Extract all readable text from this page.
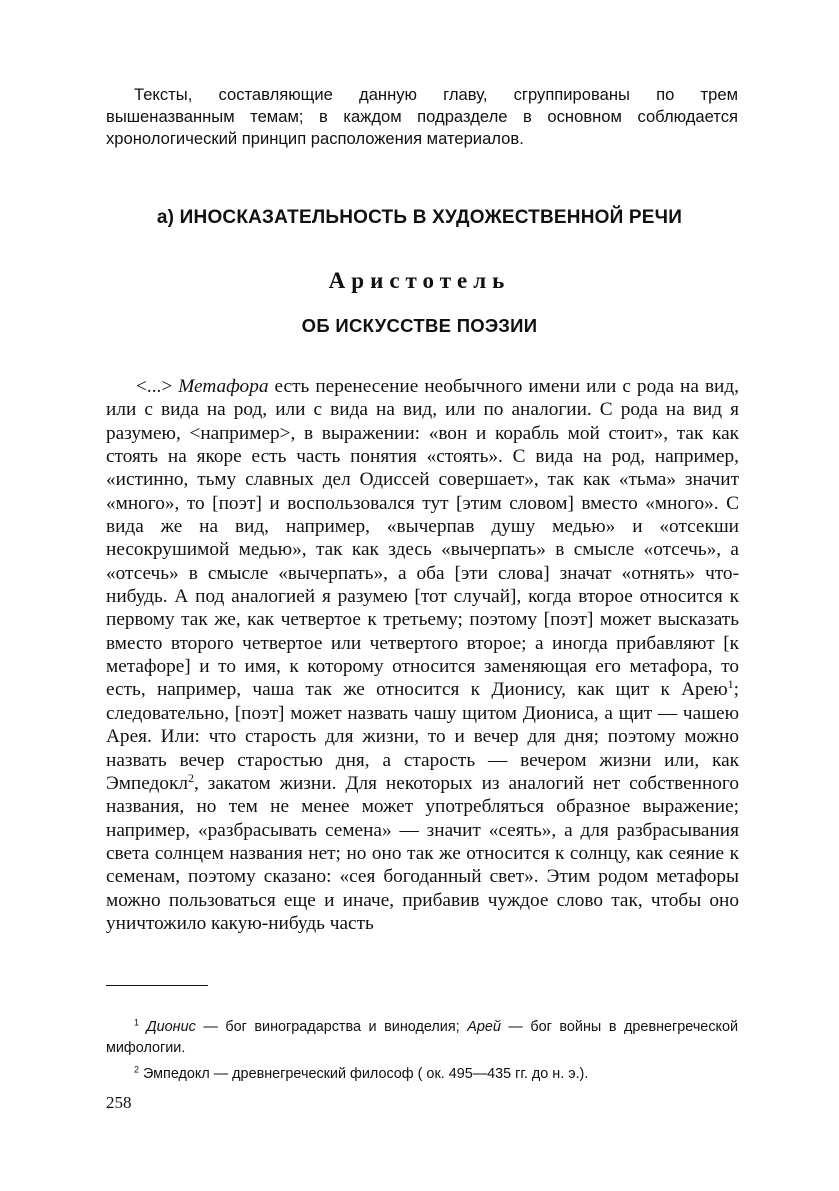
Тексты, составляющие данную главу, сгруппированы по трем вышеназванным темам; в каждом подразделе в основном соблюдается хронологический принцип расположения материалов.

а) ИНОСКАЗАТЕЛЬНОСТЬ В ХУДОЖЕСТВЕННОЙ РЕЧИ
Аристотель
ОБ ИСКУССТВЕ ПОЭЗИИ

<...> Метафора есть перенесение необычного имени или с рода на вид, или с вида на род, или с вида на вид, или по аналогии. С рода на вид я разумею, <например>, в выражении: «вон и корабль мой стоит», так как стоять на якоре есть часть понятия «стоять». С вида на род, например, «истинно, тьму славных дел Одиссей совершает», так как «тьма» значит «много», то [поэт] и воспользовался тут [этим словом] вместо «много». С вида же на вид, например, «вычерпав душу медью» и «отсекши несокрушимой медью», так как здесь «вычерпать» в смысле «отсечь», а «отсечь» в смысле «вычерпать», а оба [эти слова] значат «отнять» что-нибудь. А под аналогией я разумею [тот случай], когда второе относится к первому так же, как четвертое к третьему; поэтому [поэт] может высказать вместо второго четвертое или четвертого второе; а иногда прибавляют [к метафоре] и то имя, к которому относится заменяющая его метафора, то есть, например, чаша так же относится к Дионису, как щит к Арею$^1$; следовательно, [поэт] может назвать чашу щитом Диониса, а щит — чашею Арея. Или: что старость для жизни, то и вечер для дня; поэтому можно назвать вечер старостью дня, а старость — вечером жизни или, как Эмпедокл$^2$, закатом жизни. Для некоторых из аналогий нет собственного названия, но тем не менее может употребляться образное выражение; например, «разбрасывать семена» — значит «сеять», а для разбрасывания света солнцем названия нет; но оно так же относится к солнцу, как сеяние к семенам, поэтому сказано: «сея богоданный свет». Этим родом метафоры можно пользоваться еще и иначе, прибавив чуждое слово так, чтобы оно уничтожило какую-нибудь часть

$^1$ Дионис — бог виноградарства и виноделия; Арей — бог войны в древнегреческой мифологии.

$^2$ Эмпедокл — древнегреческий философ ( ок. 495—435 гг. до н. э.).

258
